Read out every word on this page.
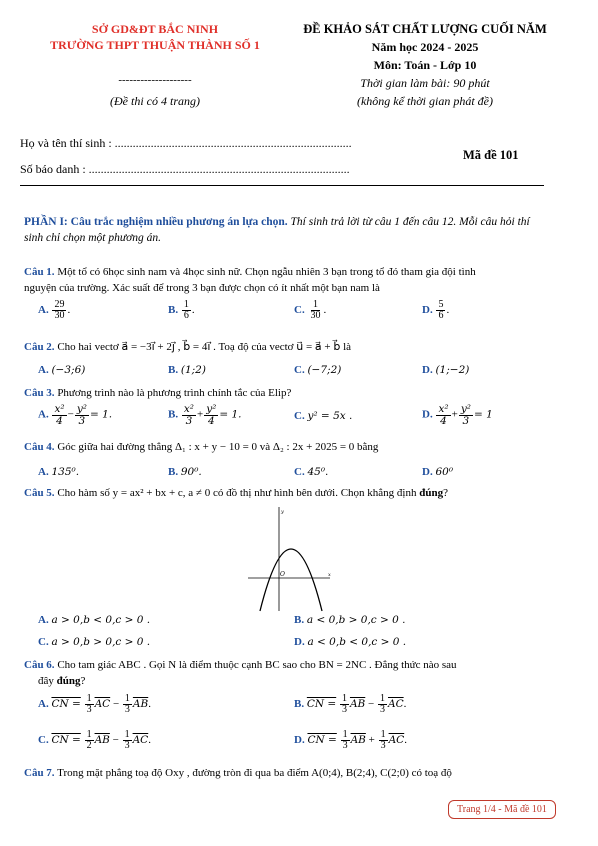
SỞ GD&ĐT BẮC NINH
TRƯỜNG THPT THUẬN THÀNH SỐ 1
--------------------
(Đề thi có 4 trang)
ĐỀ KHẢO SÁT CHẤT LƯỢNG CUỐI NĂM
Năm học 2024 - 2025
Môn: Toán - Lớp 10
Thời gian làm bài: 90 phút
(không kể thời gian phát đề)
Họ và tên thí sinh : ...............................................................................
Số báo danh : .......................................................................................
Mã đề 101
PHẦN I: Câu trắc nghiệm nhiều phương án lựa chọn. Thí sinh trả lời từ câu 1 đến câu 12. Mỗi câu hỏi thí
sinh chỉ chọn một phương án.
Câu 1. Một tổ có 6học sinh nam và 4học sinh nữ. Chọn ngẫu nhiên 3 bạn trong tổ đó tham gia đội tình
nguyện của trường. Xác suất để trong 3 bạn được chọn có ít nhất một bạn nam là
A. $\frac{29}{30}$ .	B. $\frac{1}{6}$ .	C. $\frac{1}{30}$ .	D. $\frac{5}{6}$ .
Câu 2. Cho hai vectơ a⃗ = −3i⃗ + 2j⃗ , b⃗ = 4i⃗ . Toạ độ của vectơ u⃗ = a⃗ + b⃗ là
A. (−3;6)	B. (1;2)	C. (−7;2)	D. (1;−2)
Câu 3. Phương trình nào là phương trình chính tắc của Elip?
A. $\frac{\text{x²}}{4} - \frac{\text{y²}}{3} = 1$.	B. $\frac{\text{x²}}{3} + \frac{\text{y²}}{4} = 1$.	C. y² = 5x .	D. $\frac{\text{x²}}{4} + \frac{\text{y²}}{3} = 1$
Câu 4. Góc giữa hai đường thẳng Δ₁ : x + y − 10 = 0 và Δ₂ : 2x + 2025 = 0 bằng
A. 135⁰.	B. 90⁰.	C. 45⁰.	D. 60⁰
Câu 5. Cho hàm số y = ax² + bx + c, a ≠ 0 có đồ thị như hình bên dưới. Chọn khẳng định đúng?
y
O	x
A. a > 0,b < 0,c > 0 .	B. a < 0,b > 0,c > 0 .
C. a > 0,b > 0,c > 0 .	D. a < 0,b < 0,c > 0 .
Câu 6. Cho tam giác ABC . Gọi N là điểm thuộc cạnh BC sao cho BN = 2NC . Đẳng thức nào sau
đây đúng?
A. CN = $\frac{1}{3} \overline{AC} - \frac{1}{3} \overline{AB}$.	B. CN = $\frac{1}{3} \overline{AB} - \frac{1}{3} \overline{AC}$.
C. CN = $\frac{1}{2} \overline{AB} - \frac{1}{3} \overline{AC}$.	D. CN = $\frac{1}{3} \overline{AB} + \frac{1}{3} \overline{AC}$.
Câu 7. Trong mặt phẳng toạ độ Oxy , đường tròn đi qua ba điểm A(0;4), B(2;4), C(2;0) có toạ độ
Trang 1/4 - Mã đề 101
